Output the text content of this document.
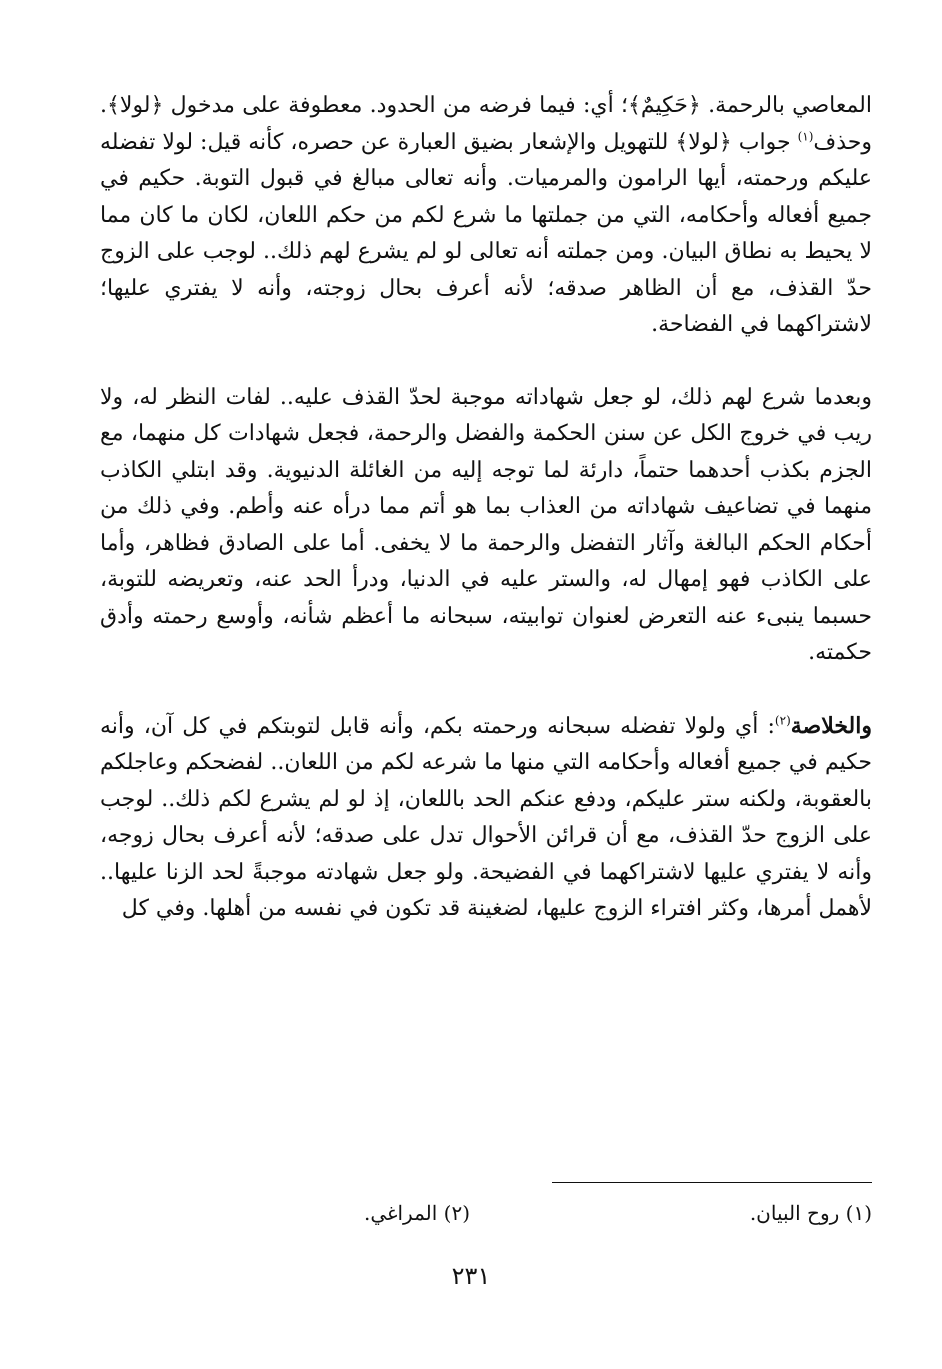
المعاصي بالرحمة. ﴿حَكِيمٌ﴾؛ أي: فيما فرضه من الحدود. معطوفة على مدخول ﴿لولا﴾. وحذف$^{(١)}$ جواب ﴿لولا﴾ للتهويل والإشعار بضيق العبارة عن حصره، كأنه قيل: لولا تفضله عليكم ورحمته، أيها الرامون والمرميات. وأنه تعالى مبالغ في قبول التوبة. حكيم في جميع أفعاله وأحكامه، التي من جملتها ما شرع لكم من حكم اللعان، لكان ما كان مما لا يحيط به نطاق البيان. ومن جملته أنه تعالى لو لم يشرع لهم ذلك.. لوجب على الزوج حدّ القذف، مع أن الظاهر صدقه؛ لأنه أعرف بحال زوجته، وأنه لا يفتري عليها؛ لاشتراكهما في الفضاحة.

وبعدما شرع لهم ذلك، لو جعل شهاداته موجبة لحدّ القذف عليه.. لفات النظر له، ولا ريب في خروج الكل عن سنن الحكمة والفضل والرحمة، فجعل شهادات كل منهما، مع الجزم بكذب أحدهما حتماً، دارئة لما توجه إليه من الغائلة الدنيوية. وقد ابتلي الكاذب منهما في تضاعيف شهاداته من العذاب بما هو أتم مما درأه عنه وأطم. وفي ذلك من أحكام الحكم البالغة وآثار التفضل والرحمة ما لا يخفى. أما على الصادق فظاهر، وأما على الكاذب فهو إمهال له، والستر عليه في الدنيا، ودرأ الحد عنه، وتعريضه للتوبة، حسبما ينبىء عنه التعرض لعنوان توابيته، سبحانه ما أعظم شأنه، وأوسع رحمته وأدق حكمته.

والخلاصة$^{(٢)}$: أي ولولا تفضله سبحانه ورحمته بكم، وأنه قابل لتوبتكم في كل آن، وأنه حكيم في جميع أفعاله وأحكامه التي منها ما شرعه لكم من اللعان.. لفضحكم وعاجلكم بالعقوبة، ولكنه ستر عليكم، ودفع عنكم الحد باللعان، إذ لو لم يشرع لكم ذلك.. لوجب على الزوج حدّ القذف، مع أن قرائن الأحوال تدل على صدقه؛ لأنه أعرف بحال زوجه، وأنه لا يفتري عليها لاشتراكهما في الفضيحة. ولو جعل شهادته موجبةً لحد الزنا عليها.. لأهمل أمرها، وكثر افتراء الزوج عليها، لضغينة قد تكون في نفسه من أهلها. وفي كل

(١) روح البيان.
(٢) المراغي.
٢٣١
